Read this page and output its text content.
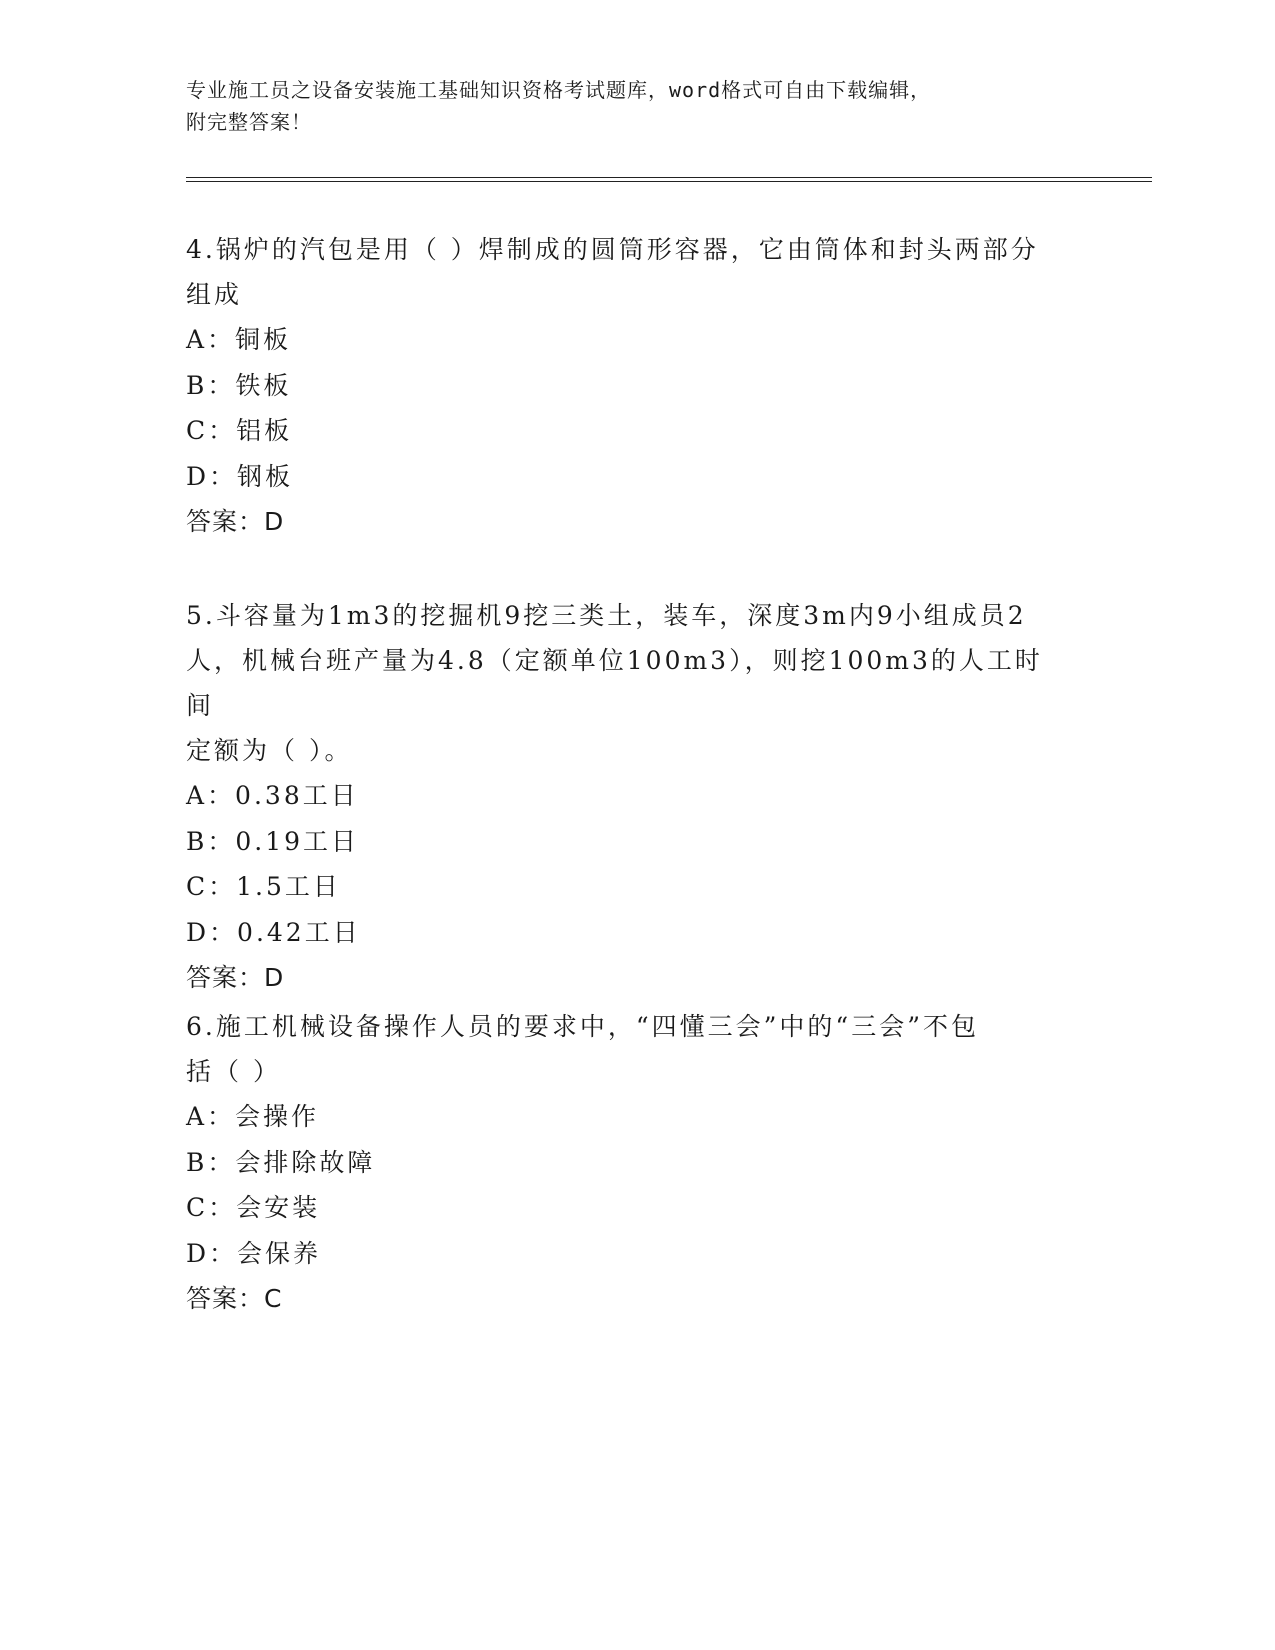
专业施工员之设备安装施工基础知识资格考试题库，word格式可自由下载编辑，
附完整答案！
4.锅炉的汽包是用（ ）焊制成的圆筒形容器，它由筒体和封头两部分
组成
A：铜板
B：铁板
C：铝板
D：钢板
答案：D
5.斗容量为1m3的挖掘机9挖三类土，装车，深度3m内9小组成员2
人，机械台班产量为4.8（定额单位100m3），则挖100m3的人工时间
定额为（ ）。
A：0.38工日
B：0.19工日
C：1.5工日
D：0.42工日
答案：D
6.施工机械设备操作人员的要求中，“四懂三会”中的“三会”不包
括（ ）
A：会操作
B：会排除故障
C：会安装
D：会保养
答案：C
